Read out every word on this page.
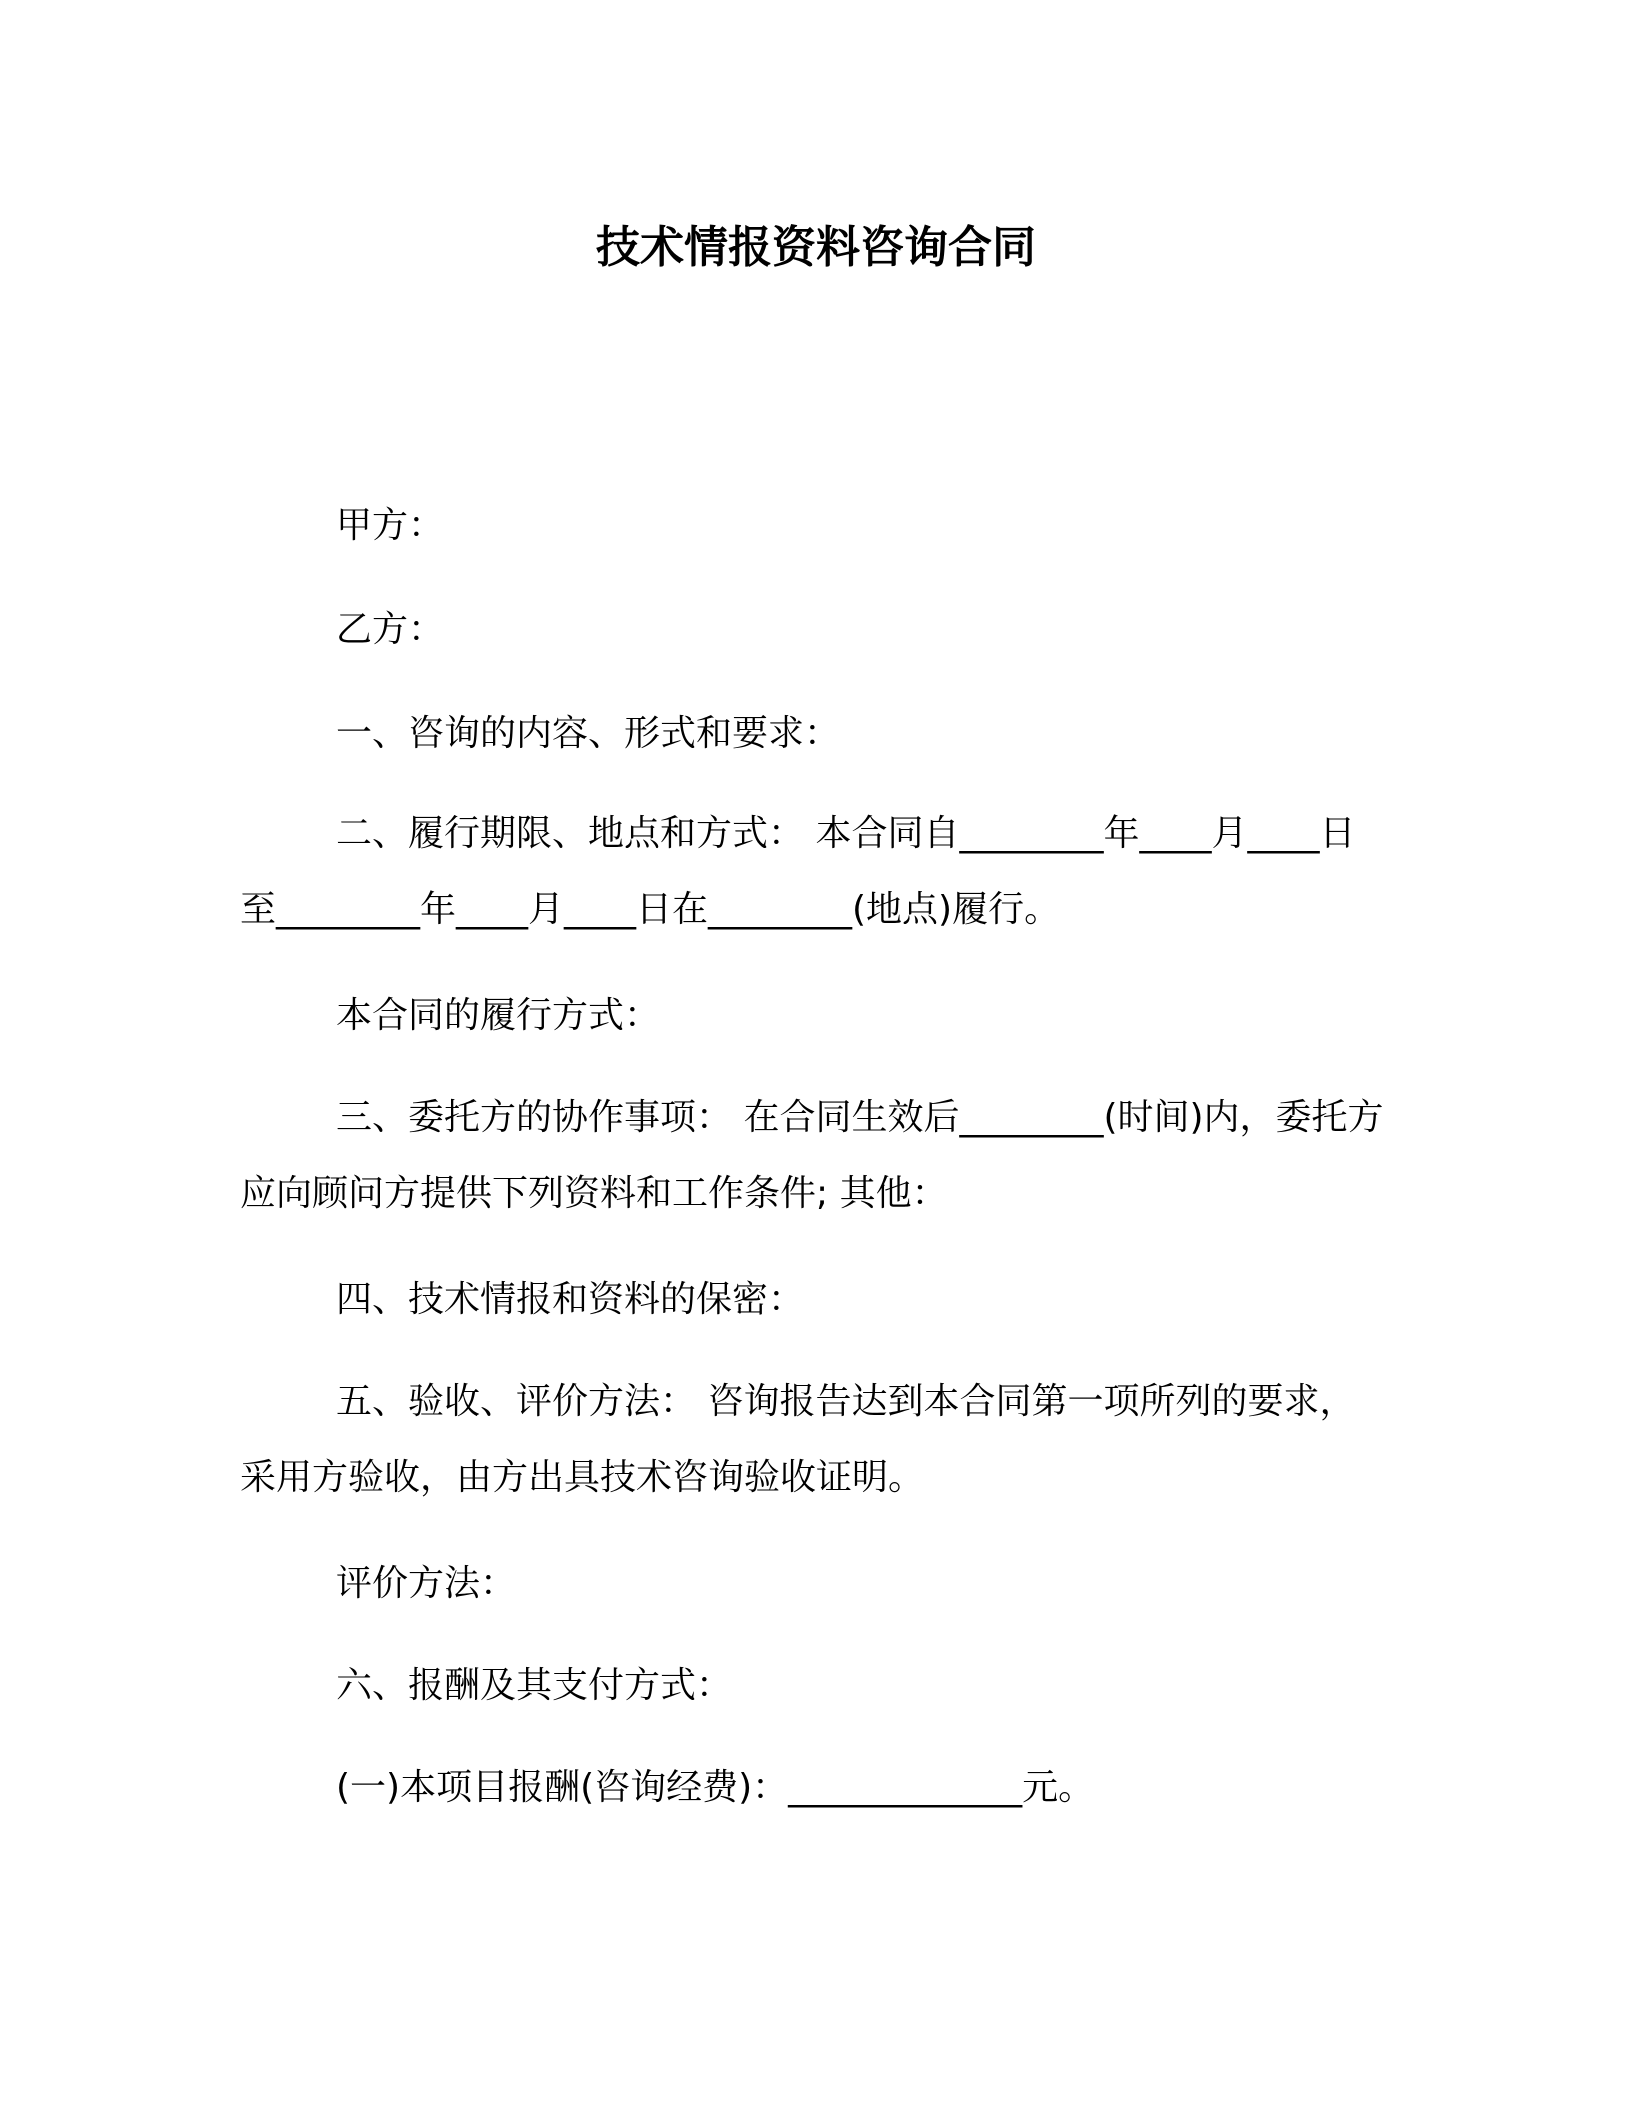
技术情报资料咨询合同
甲方：
乙方：
一、咨询的内容、形式和要求：
二、履行期限、地点和方式： 本合同自________年____月____日至________年____月____日在________(地点)履行。
本合同的履行方式：
三、委托方的协作事项： 在合同生效后________(时间)内，委托方应向顾问方提供下列资料和工作条件; 其他：
四、技术情报和资料的保密：
五、验收、评价方法： 咨询报告达到本合同第一项所列的要求，采用方验收，由方出具技术咨询验收证明。
评价方法：
六、报酬及其支付方式：
(一)本项目报酬(咨询经费)：_____________元。
